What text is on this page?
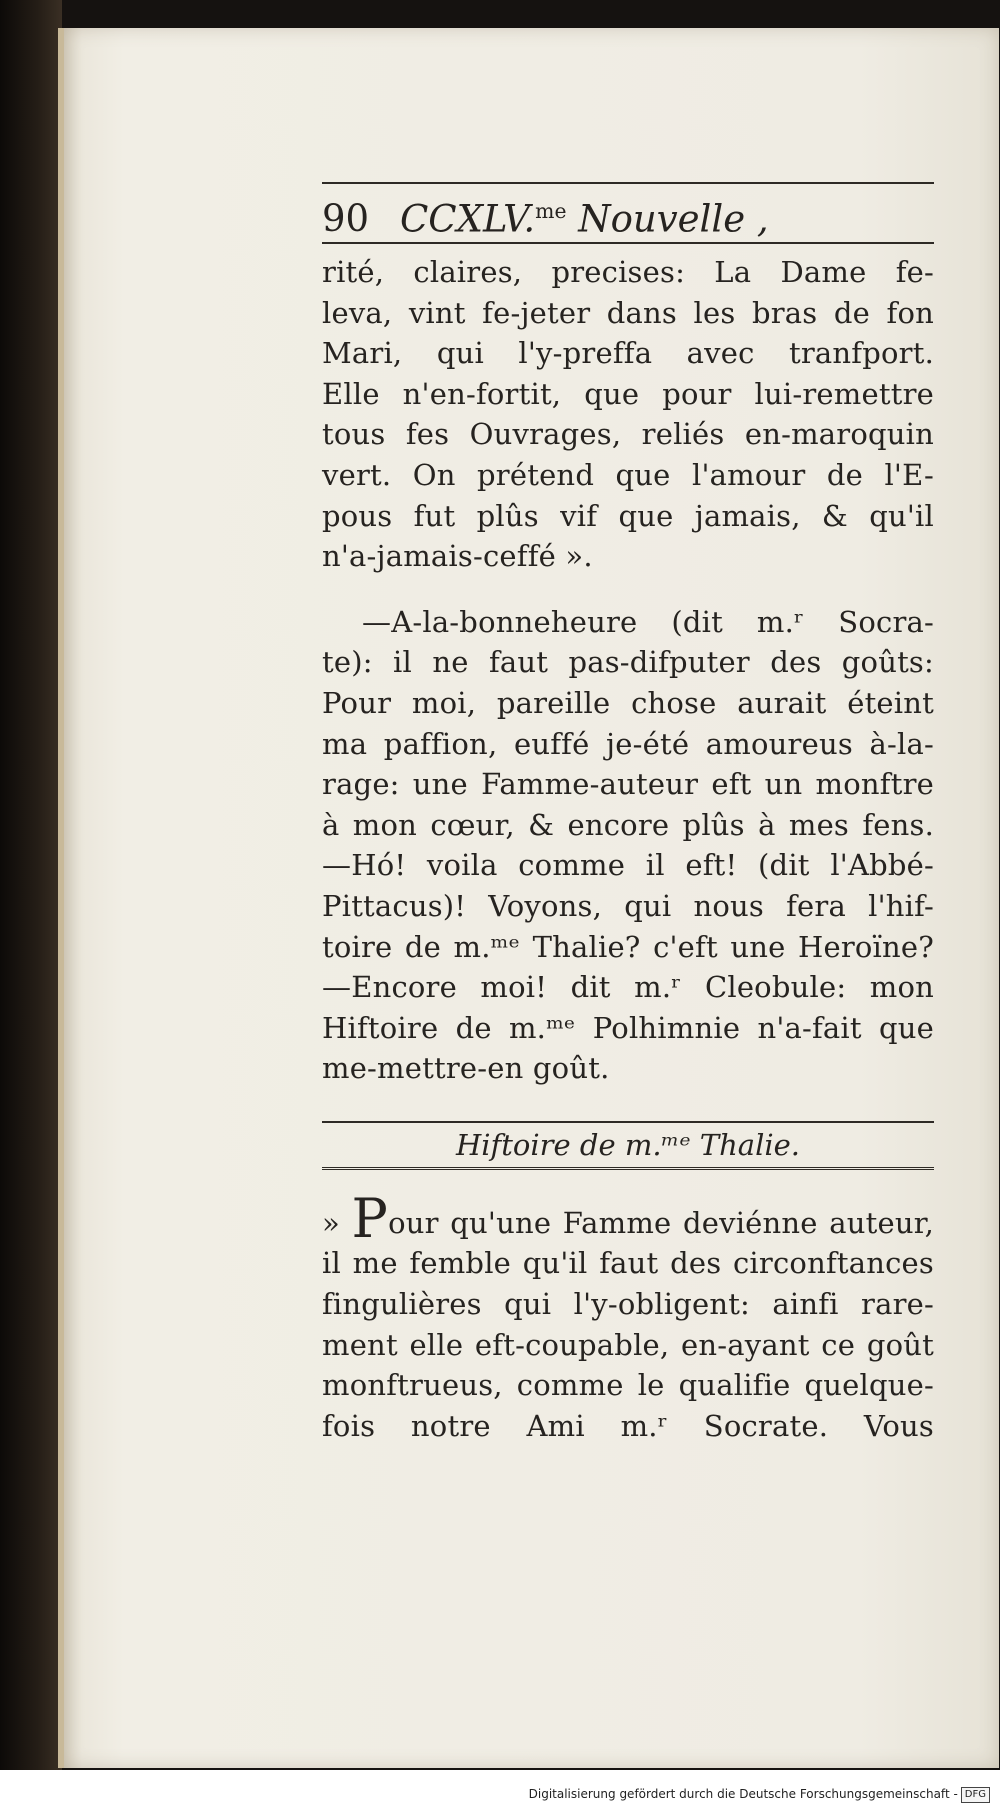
90 CCXLV.$^{me}$ Nouvelle ,
rité, claires, precises: La Dame fe-
leva, vint fe-jeter dans les bras de fon
Mari, qui l'y-preffa avec tranfport.
Elle n'en-fortit, que pour lui-remettre
tous fes Ouvrages, reliés en-maroquin
vert. On prétend que l'amour de l'E-
pous fut plûs vif que jamais, & qu'il
n'a-jamais-ceffé ».
—A-la-bonneheure (dit m.ʳ Socra-
te): il ne faut pas-difputer des goûts:
Pour moi, pareille chose aurait éteint
ma paffion, euffé je-été amoureus à-la-
rage: une Famme-auteur eft un monftre
à mon cœur, & encore plûs à mes fens.
—Hó! voila comme il eft! (dit l'Abbé-
Pittacus)! Voyons, qui nous fera l'hif-
toire de m.ᵐᵉ Thalie? c'eft une Heroïne?
—Encore moi! dit m.ʳ Cleobule: mon
Hiftoire de m.ᵐᵉ Polhimnie n'a-fait que
me-mettre-en goût.
Hiftoire de m.ᵐᵉ Thalie.
» Pour qu'une Famme deviénne auteur,
il me femble qu'il faut des circonftances
fingulières qui l'y-obligent: ainfi rare-
ment elle eft-coupable, en-ayant ce goût
monftrueus, comme le qualifie quelque-
fois notre Ami m.ʳ Socrate. Vous
Digitalisierung gefördert durch die Deutsche Forschungsgemeinschaft - DFG
